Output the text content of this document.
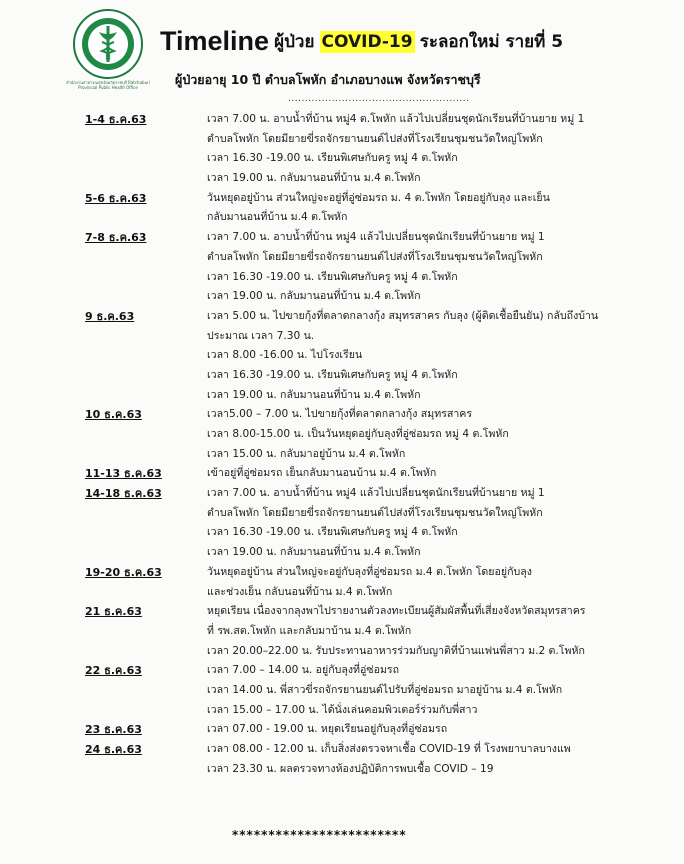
สำนักงานสาธารณสุขจังหวัดราชบุรี Ratchaburi Provincial Public Health Office
Timeline ผู้ป่วย COVID-19 ระลอกใหม่ รายที่ 5
ผู้ป่วยอายุ 10 ปี ตำบลโพหัก อำเภอบางแพ จังหวัดราชบุรี
......................................................
1-4 ธ.ค.63	เวลา 7.00 น. อาบน้ำที่บ้าน หมู่4 ต.โพหัก แล้วไปเปลี่ยนชุดนักเรียนที่บ้านยาย หมู่ 1
ตำบลโพหัก โดยมียายขี่รถจักรยานยนต์ไปส่งที่โรงเรียนชุมชนวัดใหญ่โพหัก
เวลา 16.30 -19.00 น. เรียนพิเศษกับครู หมู่ 4 ต.โพหัก
เวลา 19.00 น. กลับมานอนที่บ้าน ม.4 ต.โพหัก
5-6 ธ.ค.63	วันหยุดอยู่บ้าน ส่วนใหญ่จะอยู่ที่อู่ซ่อมรถ ม. 4 ต.โพหัก โดยอยู่กับลุง และเย็น
กลับมานอนที่บ้าน ม.4 ต.โพหัก
7-8 ธ.ค.63	เวลา 7.00 น. อาบน้ำที่บ้าน หมู่4 แล้วไปเปลี่ยนชุดนักเรียนที่บ้านยาย หมู่ 1
ตำบลโพหัก โดยมียายขี่รถจักรยานยนต์ไปส่งที่โรงเรียนชุมชนวัดใหญ่โพหัก
เวลา 16.30 -19.00 น. เรียนพิเศษกับครู หมู่ 4 ต.โพหัก
เวลา 19.00 น. กลับมานอนที่บ้าน ม.4 ต.โพหัก
9 ธ.ค.63	เวลา 5.00 น. ไปขายกุ้งที่ตลาดกลางกุ้ง สมุทรสาคร กับลุง (ผู้ติดเชื้อยืนยัน) กลับถึงบ้าน
ประมาณ เวลา 7.30 น.
เวลา 8.00 -16.00 น. ไปโรงเรียน
เวลา 16.30 -19.00 น. เรียนพิเศษกับครู หมู่ 4 ต.โพหัก
เวลา 19.00 น. กลับมานอนที่บ้าน ม.4 ต.โพหัก
10 ธ.ค.63	เวลา5.00 – 7.00 น. ไปขายกุ้งที่ตลาดกลางกุ้ง สมุทรสาคร
เวลา 8.00-15.00 น. เป็นวันหยุดอยู่กับลุงที่อู่ซ่อมรถ หมู่ 4 ต.โพหัก
เวลา 15.00 น. กลับมาอยู่บ้าน ม.4 ต.โพหัก
11-13 ธ.ค.63	เข้าอยู่ที่อู่ซ่อมรถ เย็นกลับมานอนบ้าน ม.4 ต.โพหัก
14-18 ธ.ค.63	เวลา 7.00 น. อาบน้ำที่บ้าน หมู่4 แล้วไปเปลี่ยนชุดนักเรียนที่บ้านยาย หมู่ 1
ตำบลโพหัก โดยมียายขี่รถจักรยานยนต์ไปส่งที่โรงเรียนชุมชนวัดใหญ่โพหัก
เวลา 16.30 -19.00 น. เรียนพิเศษกับครู หมู่ 4 ต.โพหัก
เวลา 19.00 น. กลับมานอนที่บ้าน ม.4 ต.โพหัก
19-20 ธ.ค.63	วันหยุดอยู่บ้าน ส่วนใหญ่จะอยู่กับลุงที่อู่ซ่อมรถ ม.4 ต.โพหัก โดยอยู่กับลุง
และช่วงเย็น กลับนอนที่บ้าน ม.4 ต.โพหัก
21 ธ.ค.63	หยุดเรียน เนื่องจากลุงพาไปรายงานตัวลงทะเบียนผู้สัมผัสพื้นที่เสี่ยงจังหวัดสมุทรสาคร
ที่ รพ.สต.โพหัก และกลับมาบ้าน ม.4 ต.โพหัก
เวลา 20.00–22.00 น. รับประทานอาหารร่วมกับญาติที่บ้านแฟนพี่สาว ม.2 ต.โพหัก
22 ธ.ค.63	เวลา 7.00 – 14.00 น. อยู่กับลุงที่อู่ซ่อมรถ
เวลา 14.00 น. พี่สาวขี่รถจักรยานยนต์ไปรับที่อู่ซ่อมรถ มาอยู่บ้าน ม.4 ต.โพหัก
เวลา 15.00 – 17.00 น. ได้นั่งเล่นคอมพิวเตอร์ร่วมกับพี่สาว
23 ธ.ค.63	เวลา 07.00 - 19.00 น. หยุดเรียนอยู่กับลุงที่อู่ซ่อมรถ
24 ธ.ค.63	เวลา 08.00 - 12.00 น. เก็บสิ่งส่งตรวจหาเชื้อ COVID-19 ที่ โรงพยาบาลบางแพ
เวลา 23.30 น. ผลตรวจทางห้องปฏิบัติการพบเชื้อ COVID – 19
************************
